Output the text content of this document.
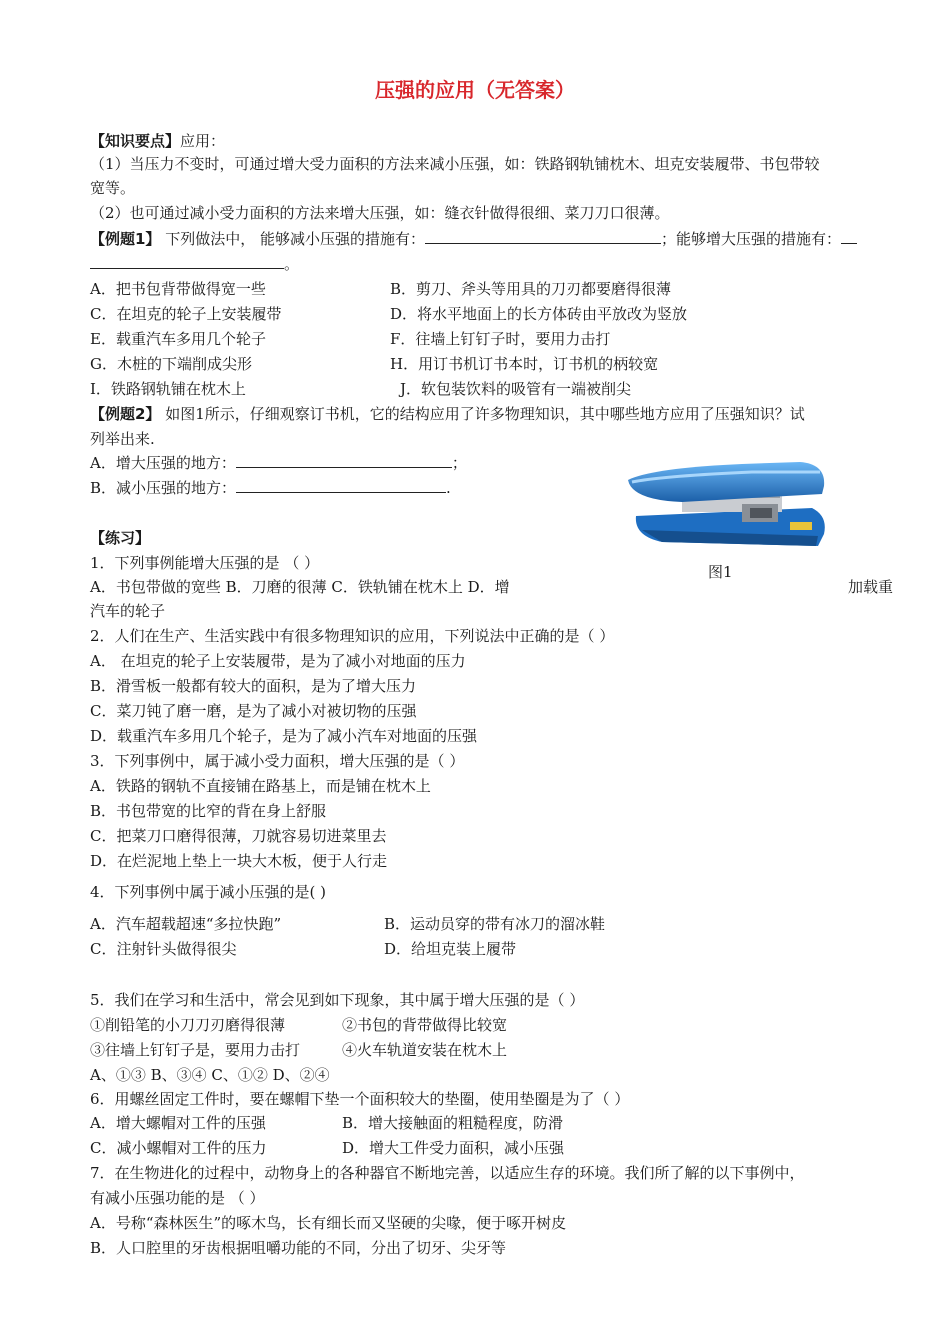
压强的应用（无答案）
【知识要点】应用：
（1）当压力不变时，可通过增大受力面积的方法来减小压强，如：铁路钢轨铺枕木、坦克安装履带、书包带较
宽等。
（2）也可通过减小受力面积的方法来增大压强，如：缝衣针做得很细、菜刀刀口很薄。
【例题1】 下列做法中， 能够减小压强的措施有：	；能够增大压强的措施有：
。
A．把书包背带做得宽一些	B．剪刀、斧头等用具的刀刃都要磨得很薄
C．在坦克的轮子上安装履带	D．将水平地面上的长方体砖由平放改为竖放
E．载重汽车多用几个轮子	F．往墙上钉钉子时，要用力击打
G．木桩的下端削成尖形	H．用订书机订书本时，订书机的柄较宽
I．铁路钢轨铺在枕木上	J．软包装饮料的吸管有一端被削尖
【例题2】 如图1所示，仔细观察订书机，它的结构应用了许多物理知识，其中哪些地方应用了压强知识？试
列举出来.
A．增大压强的地方：	；
B．减小压强的地方：	.
图1
【练习】
1．下列事例能增大压强的是 （ ）
A．书包带做的宽些 B．刀磨的很薄 C．铁轨铺在枕木上 D．增	加载重
汽车的轮子
2．人们在生产、生活实践中有很多物理知识的应用，下列说法中正确的是（ ）
A． 在坦克的轮子上安装履带，是为了减小对地面的压力
B．滑雪板一般都有较大的面积，是为了增大压力
C．菜刀钝了磨一磨，是为了减小对被切物的压强
D．载重汽车多用几个轮子，是为了减小汽车对地面的压强
3．下列事例中，属于减小受力面积，增大压强的是（ ）
A．铁路的钢轨不直接铺在路基上，而是铺在枕木上
B．书包带宽的比窄的背在身上舒服
C．把菜刀口磨得很薄，刀就容易切进菜里去
D．在烂泥地上垫上一块大木板，便于人行走
4．下列事例中属于减小压强的是( )
A．汽车超载超速“多拉快跑”	B．运动员穿的带有冰刀的溜冰鞋
C．注射针头做得很尖	D．给坦克装上履带
5．我们在学习和生活中，常会见到如下现象，其中属于增大压强的是（ ）
①削铅笔的小刀刀刃磨得很薄	②书包的背带做得比较宽
③往墙上钉钉子是，要用力击打	④火车轨道安装在枕木上
A、①③ B、③④ C、①② D、②④
6．用螺丝固定工件时，要在螺帽下垫一个面积较大的垫圈，使用垫圈是为了（ ）
A．增大螺帽对工件的压强	B．增大接触面的粗糙程度，防滑
C．减小螺帽对工件的压力	D．增大工件受力面积，减小压强
7．在生物进化的过程中，动物身上的各种器官不断地完善，以适应生存的环境。我们所了解的以下事例中，
有减小压强功能的是 （ ）
A．号称“森林医生”的啄木鸟，长有细长而又坚硬的尖喙，便于啄开树皮
B．人口腔里的牙齿根据咀嚼功能的不同，分出了切牙、尖牙等
